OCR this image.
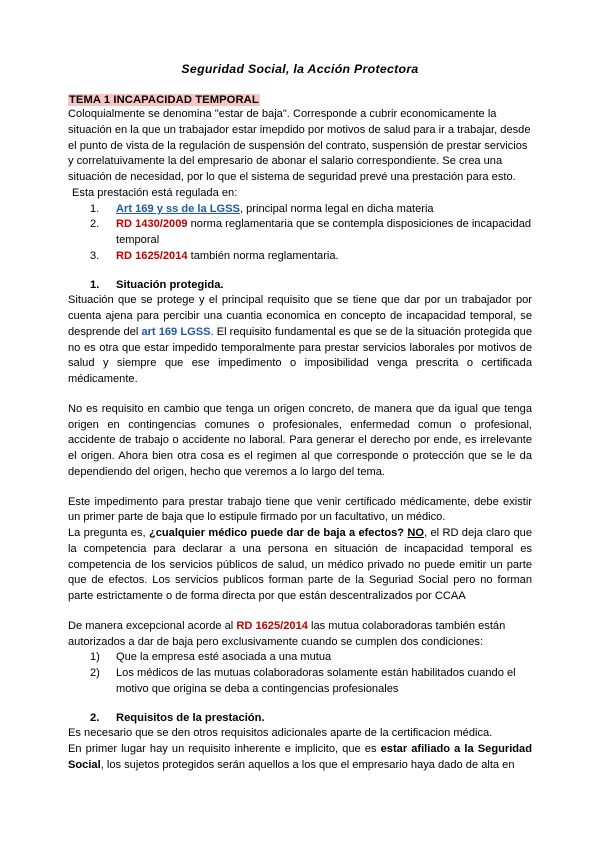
Seguridad Social, la Acción Protectora

TEMA 1 INCAPACIDAD TEMPORAL

Coloquialmente se denomina "estar de baja". Corresponde a cubrir economicamente la situación en la que un trabajador estar imepdido por motivos de salud para ir a trabajar, desde el punto de vista de la regulación de suspensión del contrato, suspensión de prestar servicios y correlatuivamente la del empresario de abonar el salario correspondiente. Se crea una situación de necesidad, por lo que el sistema de seguridad prevé una prestación para esto.

Esta prestación está regulada en:

1.	Art 169 y ss de la LGSS, principal norma legal en dicha materia
2.	RD 1430/2009 norma reglamentaria que se contempla disposiciones de incapacidad temporal
3.	RD 1625/2014 también norma reglamentaria.
1.	Situación protegida.

Situación que se protege y el principal requisito que se tiene que dar por un trabajador por cuenta ajena para percibir una cuantia economica en concepto de incapacidad temporal, se desprende del art 169 LGSS. El requisito fundamental es que se de la situación protegida que no es otra que estar impedido temporalmente para prestar servicios laborales por motivos de salud y siempre que ese impedimento o imposibilidad venga prescrita o certificada médicamente.

No es requisito en cambio que tenga un origen concreto, de manera que da igual que tenga origen en contingencias comunes o profesionales, enfermedad comun o profesional, accidente de trabajo o accidente no laboral. Para generar el derecho por ende, es irrelevante el origen. Ahora bien otra cosa es el regimen al que corresponde o protección que se le da dependiendo del origen, hecho que veremos a lo largo del tema.

Este impedimento para prestar trabajo tiene que venir certificado médicamente, debe existir un primer parte de baja que lo estipule firmado por un facultativo, un médico.

La pregunta es, ¿cualquier médico puede dar de baja a efectos? NO, el RD deja claro que la competencia para declarar a una persona en situación de incapacidad temporal es competencia de los servicios públicos de salud, un médico privado no puede emitir un parte que de efectos. Los servicios publicos forman parte de la Seguriad Social pero no forman parte estrictamente o de forma directa por que están descentralizados por CCAA

De manera excepcional acorde al RD 1625/2014 las mutua colaboradoras también están autorizados a dar de baja pero exclusivamente cuando se cumplen dos condiciones:

1)	Que la empresa esté asociada a una mutua
2)	Los médicos de las mutuas colaboradoras solamente están habilitados cuando el motivo que origina se deba a contingencias profesionales
2.	Requisitos de la prestación.

Es necesario que se den otros requisitos adicionales aparte de la certificacion médica.

En primer lugar hay un requisito inherente e implicito, que es estar afiliado a la Seguridad Social, los sujetos protegidos serán aquellos a los que el empresario haya dado de alta en
